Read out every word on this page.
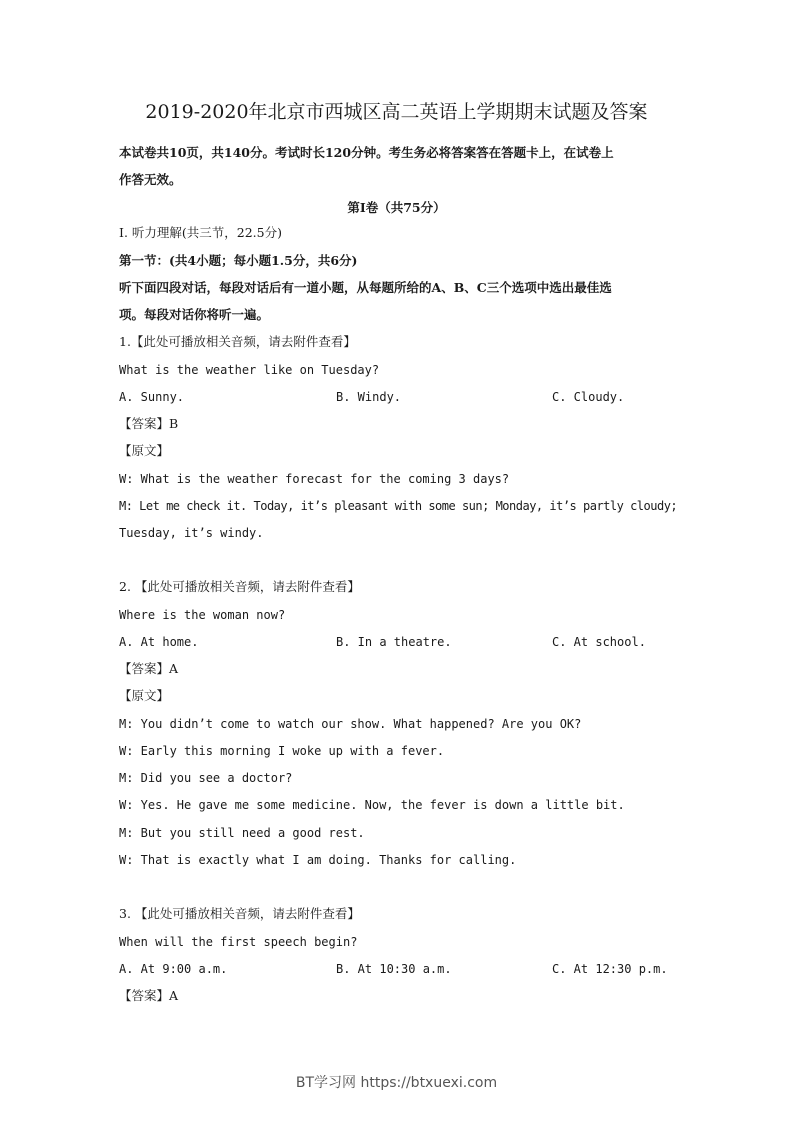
2019-2020年北京市西城区高二英语上学期期末试题及答案
本试卷共10页，共140分。考试时长120分钟。考生务必将答案答在答题卡上，在试卷上
作答无效。
第Ⅰ卷（共75分）
I. 听力理解(共三节，22.5分)
第一节：(共4小题；每小题1.5分，共6分)
听下面四段对话，每段对话后有一道小题，从每题所给的A、B、C三个选项中选出最佳选
项。每段对话你将听一遍。
1.【此处可播放相关音频，请去附件查看】
What is the weather like on Tuesday?
A. Sunny.	B. Windy.	C. Cloudy.
【答案】B
【原文】
W: What is the weather forecast for the coming 3 days?
M: Let me check it. Today, it’s pleasant with some sun; Monday, it’s partly cloudy;
Tuesday, it’s windy.
2. 【此处可播放相关音频，请去附件查看】
Where is the woman now?
A. At home.	B. In a theatre.	C. At school.
【答案】A
【原文】
M: You didn’t come to watch our show. What happened? Are you OK?
W: Early this morning I woke up with a fever.
M: Did you see a doctor?
W: Yes. He gave me some medicine. Now, the fever is down a little bit.
M: But you still need a good rest.
W: That is exactly what I am doing. Thanks for calling.
3. 【此处可播放相关音频，请去附件查看】
When will the first speech begin?
A. At 9:00 a.m.	B. At 10:30 a.m.	C. At 12:30 p.m.
【答案】A
BT学习网 https://btxuexi.com
